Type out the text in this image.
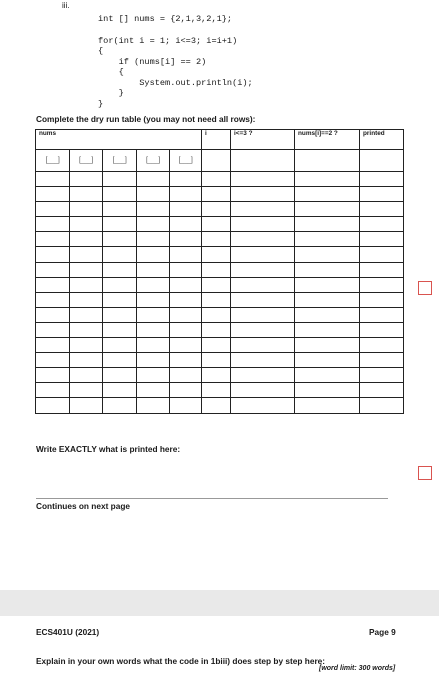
iii.
int [] nums = {2,1,3,2,1};
for(int i = 1; i<=3; i=i+1)
{
if (nums[i] == 2)
{
System.out.println(i);
}
}
Complete the dry run table (you may not need all rows):
nums					i	i<=3 ?	nums[i]==2 ?	printed
[___]	[___]	[___]	[___]	[___]				

Write EXACTLY what is printed here:
Continues on next page
ECS401U (2021)	Page 9
Explain in your own words what the code in 1biii) does step by step here:
[word limit: 300 words]
